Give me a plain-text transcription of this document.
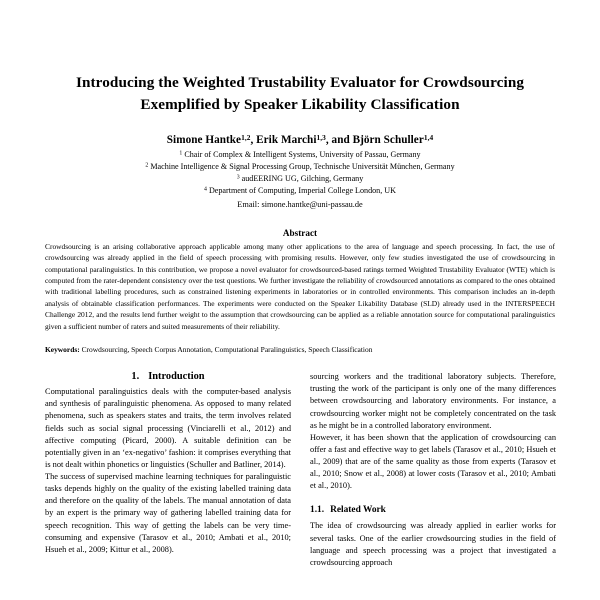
Introducing the Weighted Trustability Evaluator for Crowdsourcing
Exemplified by Speaker Likability Classification
Simone Hantke$^{1,2}$, Erik Marchi$^{1,3}$, and Björn Schuller$^{1,4}$
$^1$ Chair of Complex & Intelligent Systems, University of Passau, Germany
$^2$ Machine Intelligence & Signal Processing Group, Technische Universität München, Germany
$^3$ audEERING UG, Gilching, Germany
$^4$ Department of Computing, Imperial College London, UK
Email: simone.hantke@uni-passau.de
Abstract
Crowdsourcing is an arising collaborative approach applicable among many other applications to the area of language and speech processing. In fact, the use of crowdsourcing was already applied in the field of speech processing with promising results. However, only few studies investigated the use of crowdsourcing in computational paralinguistics. In this contribution, we propose a novel evaluator for crowdsourced-based ratings termed Weighted Trustability Evaluator (WTE) which is computed from the rater-dependent consistency over the test questions. We further investigate the reliability of crowdsourced annotations as compared to the ones obtained with traditional labelling procedures, such as constrained listening experiments in laboratories or in controlled environments. This comparison includes an in-depth analysis of obtainable classification performances. The experiments were conducted on the Speaker Likability Database (SLD) already used in the INTERSPEECH Challenge 2012, and the results lend further weight to the assumption that crowdsourcing can be applied as a reliable annotation source for computational paralinguistics given a sufficient number of raters and suited measurements of their reliability.
Keywords: Crowdsourcing, Speech Corpus Annotation, Computational Paralinguistics, Speech Classification
1. Introduction

Computational paralinguistics deals with the computer-based analysis and synthesis of paralinguistic phenomena. As opposed to many related phenomena, such as speakers states and traits, the term involves related fields such as social signal processing (Vinciarelli et al., 2012) and affective computing (Picard, 2000). A suitable definition can be potentially given in an ‘ex-negativo’ fashion: it comprises everything that is not dealt within phonetics or linguistics (Schuller and Batliner, 2014).

The success of supervised machine learning techniques for paralinguistic tasks depends highly on the quality of the existing labelled training data and therefore on the quality of the labels. The manual annotation of data by an expert is the primary way of gathering labelled training data for speech recognition. This way of getting the labels can be very time-consuming and expensive (Tarasov et al., 2010; Ambati et al., 2010; Hsueh et al., 2009; Kittur et al., 2008).

sourcing workers and the traditional laboratory subjects. Therefore, trusting the work of the participant is only one of the many differences between crowdsourcing and laboratory environments. For instance, a crowdsourcing worker might not be completely concentrated on the task as he might be in a controlled laboratory environment.

However, it has been shown that the application of crowdsourcing can offer a fast and effective way to get labels (Tarasov et al., 2010; Hsueh et al., 2009) that are of the same quality as those from experts (Tarasov et al., 2010; Snow et al., 2008) at lower costs (Tarasov et al., 2010; Ambati et al., 2010).

1.1. Related Work

The idea of crowdsourcing was already applied in earlier works for several tasks. One of the earlier crowdsourcing studies in the field of language and speech processing was a project that investigated a crowdsourcing approach
